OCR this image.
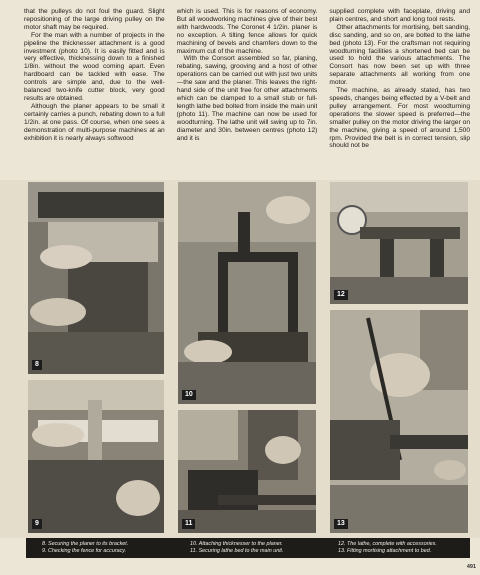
that the pulleys do not foul the guard. Slight repositioning of the large driving pulley on the motor shaft may be required.

For the man with a number of projects in the pipeline the thicknesser attachment is a good investment (photo 10). It is easily fitted and is very effective, thicknessing down to a finished 1/8in. without the wood coming apart. Even hardboard can be tackled with ease. The controls are simple and, due to the well-balanced two-knife cutter block, very good results are obtained.

Although the planer appears to be small it certainly carries a punch, rebating down to a full 1/2in. at one pass. Of course, when one sees a demonstration of multi-purpose machines at an exhibition it is nearly always softwood

which is used. This is for reasons of economy. But all woodworking machines give of their best with hardwoods. The Coronet 4 1/2in. planer is no exception. A tilting fence allows for quick machining of bevels and chamfers down to the maximum cut of the machine.

With the Consort assembled so far, planing, rebating, sawing, grooving and a host of other operations can be carried out with just two units—the saw and the planer. This leaves the right-hand side of the unit free for other attachments which can be clamped to a small stub or full-length lathe bed bolted from inside the main unit (photo 11). The machine can now be used for woodturning. The lathe unit will swing up to 7in. diameter and 30in. between centres (photo 12) and it is

supplied complete with faceplate, driving and plain centres, and short and long tool rests.

Other attachments for mortising, belt sanding, disc sanding, and so on, are bolted to the lathe bed (photo 13). For the craftsman not requiring woodturning facilities a shortened bed can be used to hold the various attachments. The Consort has now been set up with three separate attachments all working from one motor.

The machine, as already stated, has two speeds, changes being effected by a V-belt and pulley arrangement. For most woodturning operations the slower speed is preferred—the smaller pulley on the motor driving the larger on the machine, giving a speed of around 1,500 rpm. Provided the belt is in correct tension, slip should not be

8
9
10
11
12
13
8. Securing the planer to its bracket.
9. Checking the fence for accuracy.
10. Attaching thicknesser to the planer.
11. Securing lathe bed to the main unit.
12. The lathe, complete with accessories.
13. Fitting mortising attachment to bed.
491
